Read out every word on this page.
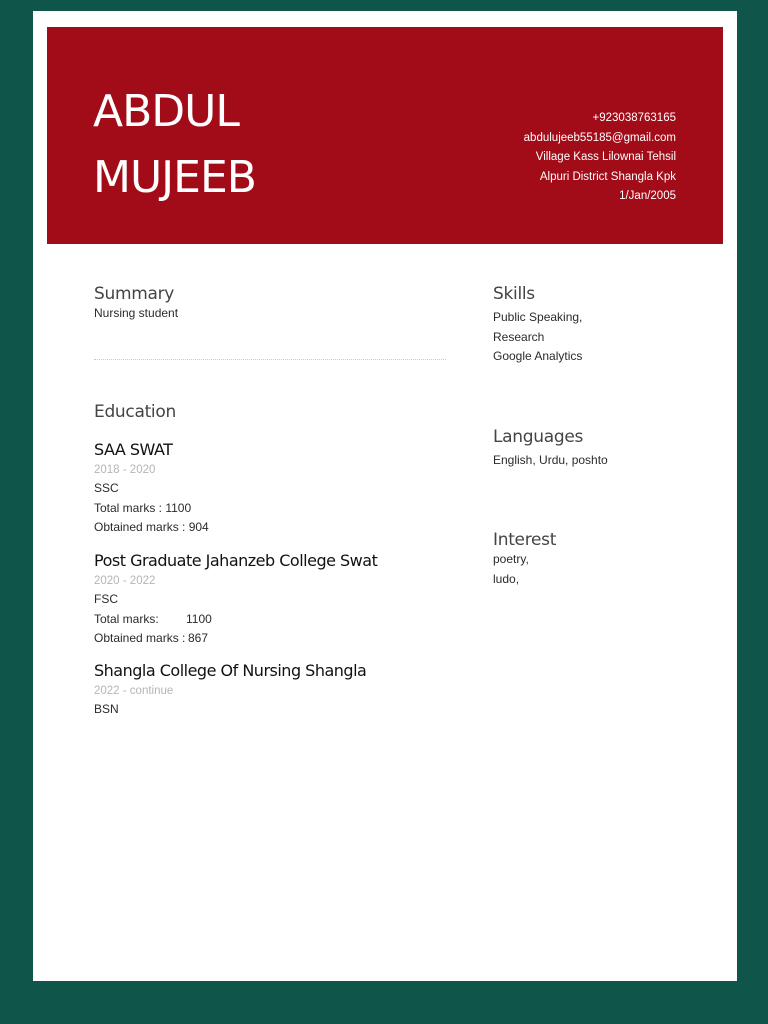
ABDUL
MUJEEB
+923038763165
abdulujeeb55185@gmail.com
Village Kass Lilownai Tehsil
Alpuri District Shangla Kpk
1/Jan/2005
Summary
Nursing student
Education
SAA SWAT
2018 - 2020
SSC
Total marks : 1100
Obtained marks : 904
Post Graduate Jahanzeb College Swat
2020 - 2022
FSC
Total marks:	1100
Obtained marks : 867
Shangla College Of Nursing Shangla
2022 - continue
BSN
Skills
Public Speaking,
Research
Google Analytics
Languages
English, Urdu, poshto
Interest
poetry,
ludo,
